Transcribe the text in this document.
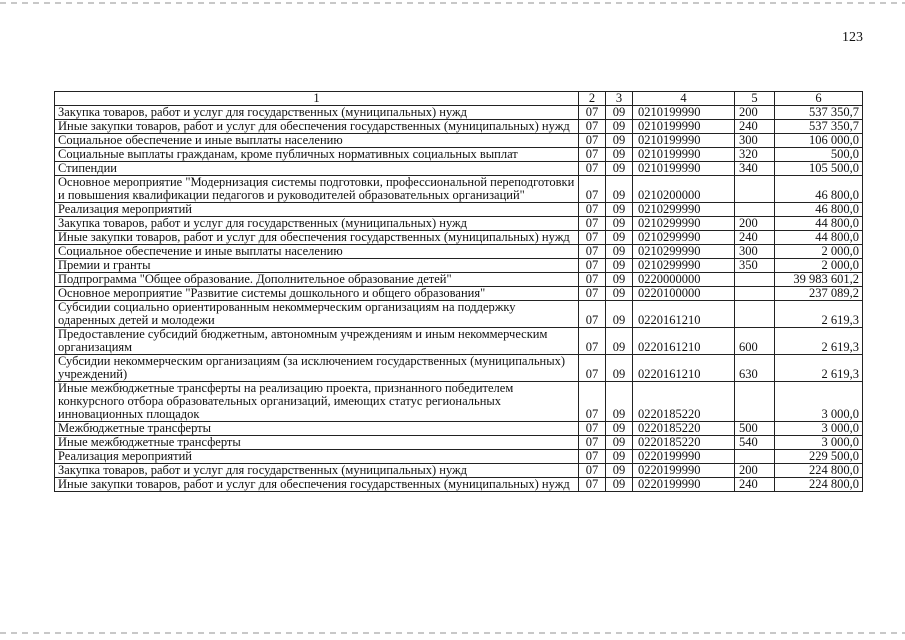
123
1	2	3	4	5	6
Закупка товаров, работ и услуг для государственных (муниципальных) нужд	07	09	0210199990	200	537 350,7
Иные закупки товаров, работ и услуг для обеспечения государственных (муниципальных) нужд	07	09	0210199990	240	537 350,7
Социальное обеспечение и иные выплаты населению	07	09	0210199990	300	106 000,0
Социальные выплаты гражданам, кроме публичных нормативных социальных выплат	07	09	0210199990	320	500,0
Стипендии	07	09	0210199990	340	105 500,0
Основное мероприятие "Модернизация системы подготовки, профессиональной переподготовки и повышения квалификации педагогов и руководителей образовательных организаций"	07	09	0210200000		46 800,0
Реализация мероприятий	07	09	0210299990		46 800,0
Закупка товаров, работ и услуг для государственных (муниципальных) нужд	07	09	0210299990	200	44 800,0
Иные закупки товаров, работ и услуг для обеспечения государственных (муниципальных) нужд	07	09	0210299990	240	44 800,0
Социальное обеспечение и иные выплаты населению	07	09	0210299990	300	2 000,0
Премии и гранты	07	09	0210299990	350	2 000,0
Подпрограмма "Общее образование. Дополнительное образование детей"	07	09	0220000000		39 983 601,2
Основное мероприятие "Развитие системы дошкольного и общего образования"	07	09	0220100000		237 089,2
Субсидии социально ориентированным некоммерческим организациям на поддержку одаренных детей и молодежи	07	09	0220161210		2 619,3
Предоставление субсидий бюджетным, автономным учреждениям и иным некоммерческим организациям	07	09	0220161210	600	2 619,3
Субсидии некоммерческим организациям (за исключением государственных (муниципальных) учреждений)	07	09	0220161210	630	2 619,3
Иные межбюджетные трансферты на реализацию проекта, признанного победителем конкурсного отбора образовательных организаций, имеющих статус региональных инновационных площадок	07	09	0220185220		3 000,0
Межбюджетные трансферты	07	09	0220185220	500	3 000,0
Иные межбюджетные трансферты	07	09	0220185220	540	3 000,0
Реализация мероприятий	07	09	0220199990		229 500,0
Закупка товаров, работ и услуг для государственных (муниципальных) нужд	07	09	0220199990	200	224 800,0
Иные закупки товаров, работ и услуг для обеспечения государственных (муниципальных) нужд	07	09	0220199990	240	224 800,0
